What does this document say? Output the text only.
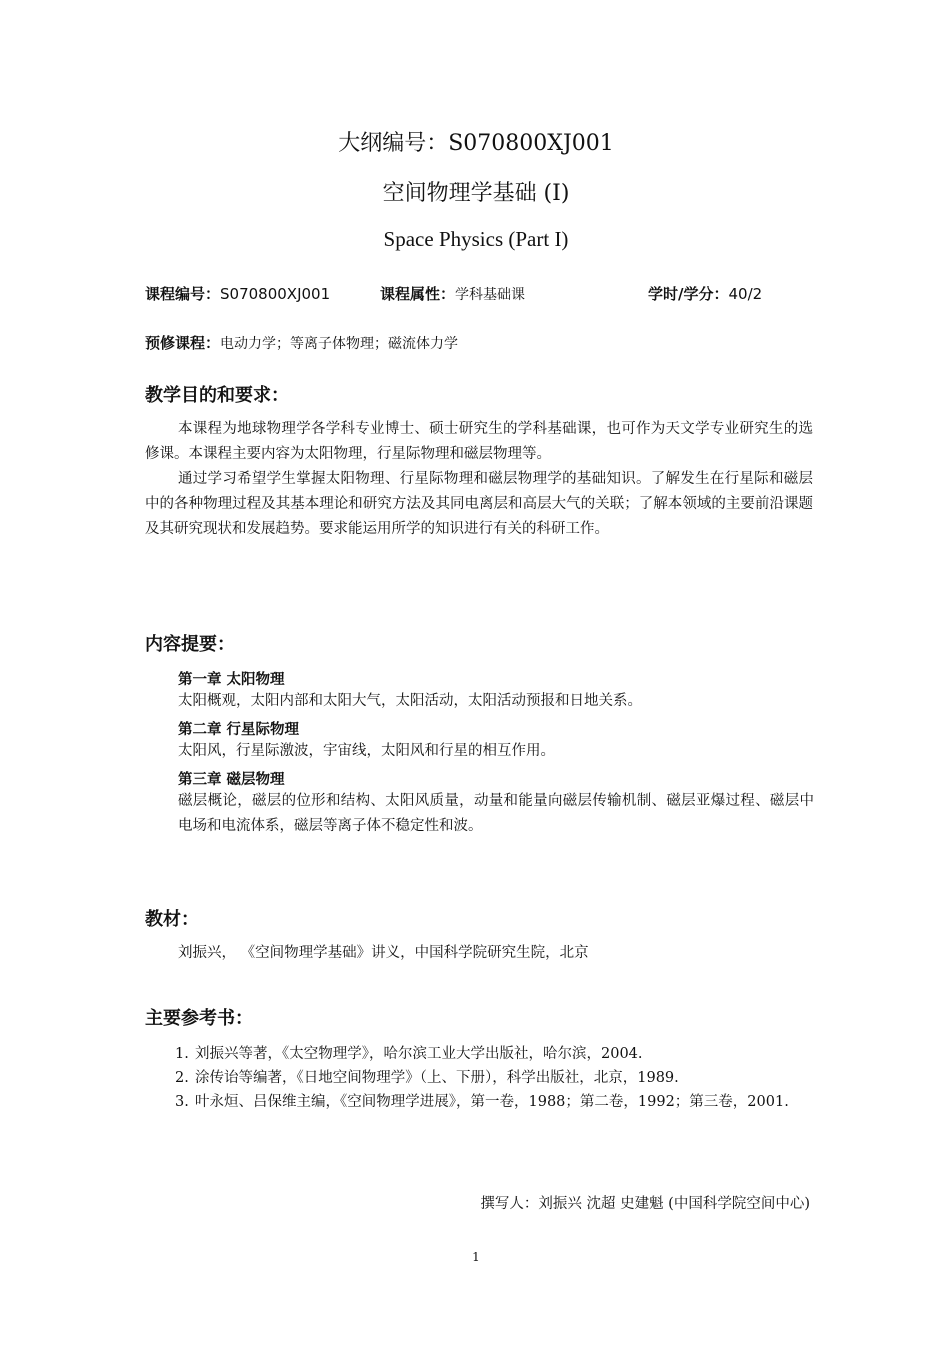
大纲编号：S070800XJ001
空间物理学基础 (I)
Space Physics (Part I)
课程编号：S070800XJ001	课程属性：学科基础课	学时/学分：40/2
预修课程：电动力学；等离子体物理；磁流体力学
教学目的和要求：

本课程为地球物理学各学科专业博士、硕士研究生的学科基础课，也可作为天文学专业研究生的选修课。本课程主要内容为太阳物理，行星际物理和磁层物理等。

通过学习希望学生掌握太阳物理、行星际物理和磁层物理学的基础知识。了解发生在行星际和磁层中的各种物理过程及其基本理论和研究方法及其同电离层和高层大气的关联；了解本领域的主要前沿课题及其研究现状和发展趋势。要求能运用所学的知识进行有关的科研工作。

内容提要：
第一章 太阳物理
太阳概观，太阳内部和太阳大气，太阳活动，太阳活动预报和日地关系。
第二章 行星际物理
太阳风，行星际激波，宇宙线，太阳风和行星的相互作用。
第三章 磁层物理
磁层概论，磁层的位形和结构、太阳风质量，动量和能量向磁层传输机制、磁层亚爆过程、磁层中电场和电流体系，磁层等离子体不稳定性和波。
教材：
刘振兴， 《空间物理学基础》讲义，中国科学院研究生院，北京
主要参考书：
1. 刘振兴等著，《太空物理学》，哈尔滨工业大学出版社，哈尔滨，2004.
2. 涂传诒等编著，《日地空间物理学》（上、下册），科学出版社，北京，1989.
3. 叶永烜、吕保维主编，《空间物理学进展》，第一卷，1988；第二卷，1992；第三卷，2001.
撰写人：刘振兴 沈超 史建魁 (中国科学院空间中心)
1
